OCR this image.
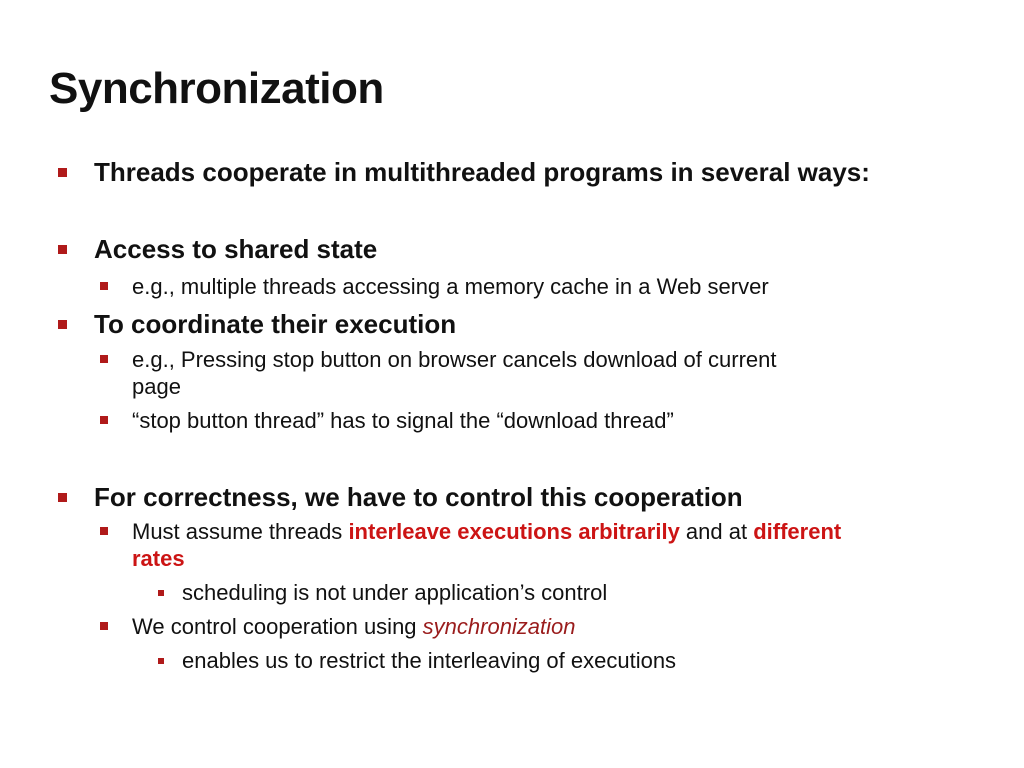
Synchronization
Threads cooperate in multithreaded programs in several ways:
Access to shared state
e.g., multiple threads accessing a memory cache in a Web server
To coordinate their execution
e.g., Pressing stop button on browser cancels download of current
page
“stop button thread” has to signal the “download thread”
For correctness, we have to control this cooperation
Must assume threads interleave executions arbitrarily and at different
rates
scheduling is not under application’s control
We control cooperation using synchronization
enables us to restrict the interleaving of executions
